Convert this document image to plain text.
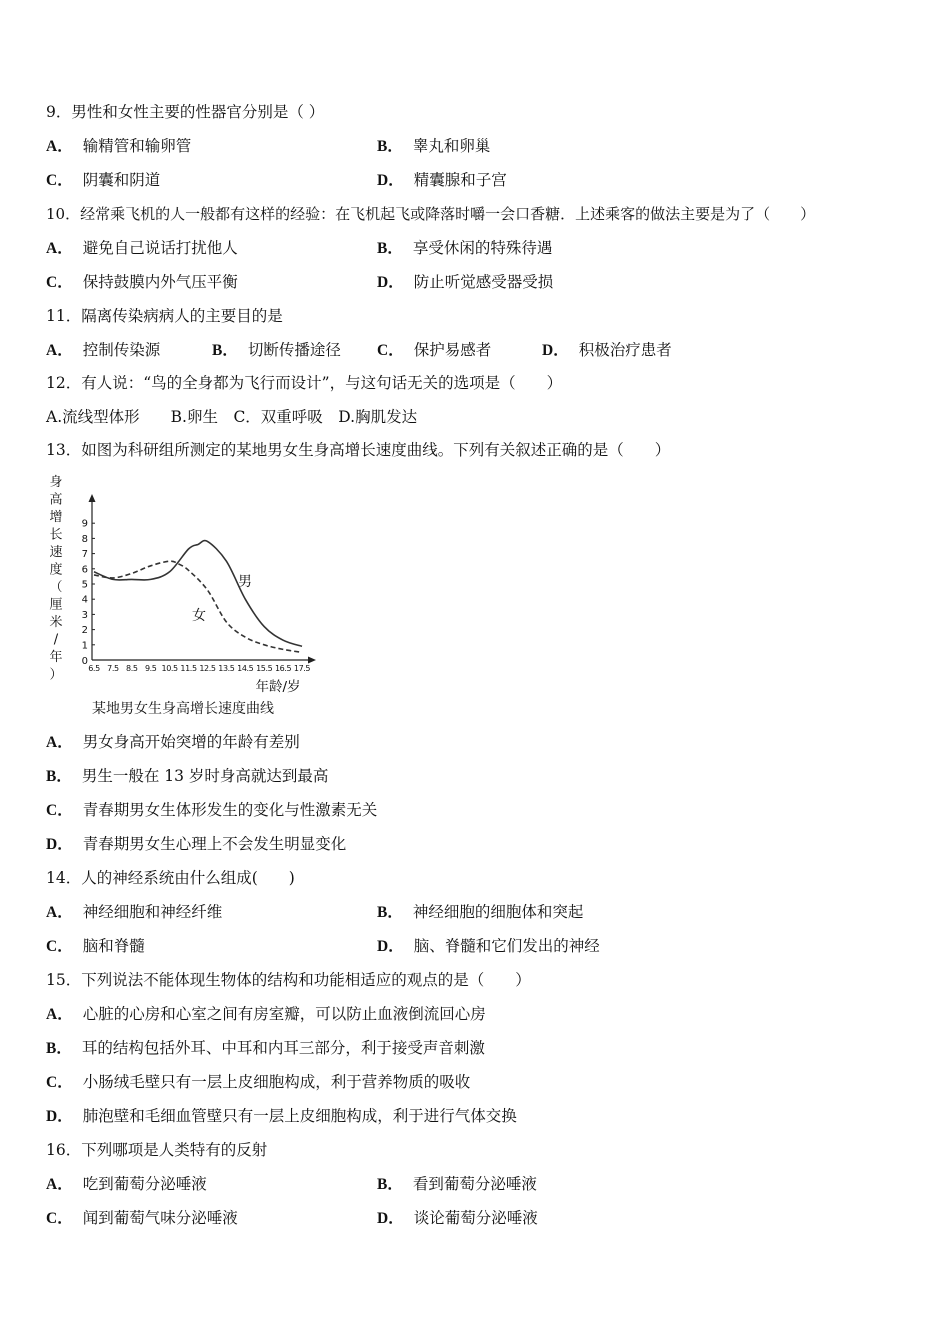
9．男性和女性主要的性器官分别是（ ）
A． 输精管和输卵管	B． 睾丸和卵巢
C． 阴囊和阴道	D． 精囊腺和子宫
10．经常乘飞机的人一般都有这样的经验：在飞机起飞或降落时嚼一会口香糖．上述乘客的做法主要是为了（　　）
A． 避免自己说话打扰他人	B． 享受休闲的特殊待遇
C． 保持鼓膜内外气压平衡	D． 防止听觉感受器受损
11．隔离传染病病人的主要目的是
A． 控制传染源	B． 切断传播途径 C． 保护易感者	D． 积极治疗患者
12．有人说：“鸟的全身都为飞行而设计”，与这句话无关的选项是（　　）
A.流线型体形　　B.卵生　C．双重呼吸　D.胸肌发达
13．如图为科研组所测定的某地男女生身高增长速度曲线。下列有关叙述正确的是（　　）
身
高
增
长
速
度
（
厘
米
/
年
）
1
2
3
4
5
6
7
8
9
0
6.5 7.5 8.5 9.5 10.5 11.5 12.5 13.5 14.5 15.5 16.5 17.5
年龄/岁
男
女
某地男女生身高增长速度曲线
A． 男女身高开始突增的年龄有差别
B． 男生一般在 13 岁时身高就达到最高
C． 青春期男女生体形发生的变化与性激素无关
D． 青春期男女生心理上不会发生明显变化
14．人的神经系统由什么组成(　　)
A． 神经细胞和神经纤维	B． 神经细胞的细胞体和突起
C． 脑和脊髓	D． 脑、脊髓和它们发出的神经
15．下列说法不能体现生物体的结构和功能相适应的观点的是（　　）
A． 心脏的心房和心室之间有房室瓣，可以防止血液倒流回心房
B． 耳的结构包括外耳、中耳和内耳三部分，利于接受声音刺激
C． 小肠绒毛壁只有一层上皮细胞构成，利于营养物质的吸收
D． 肺泡壁和毛细血管壁只有一层上皮细胞构成，利于进行气体交换
16．下列哪项是人类特有的反射
A． 吃到葡萄分泌唾液	B． 看到葡萄分泌唾液
C． 闻到葡萄气味分泌唾液	D． 谈论葡萄分泌唾液
